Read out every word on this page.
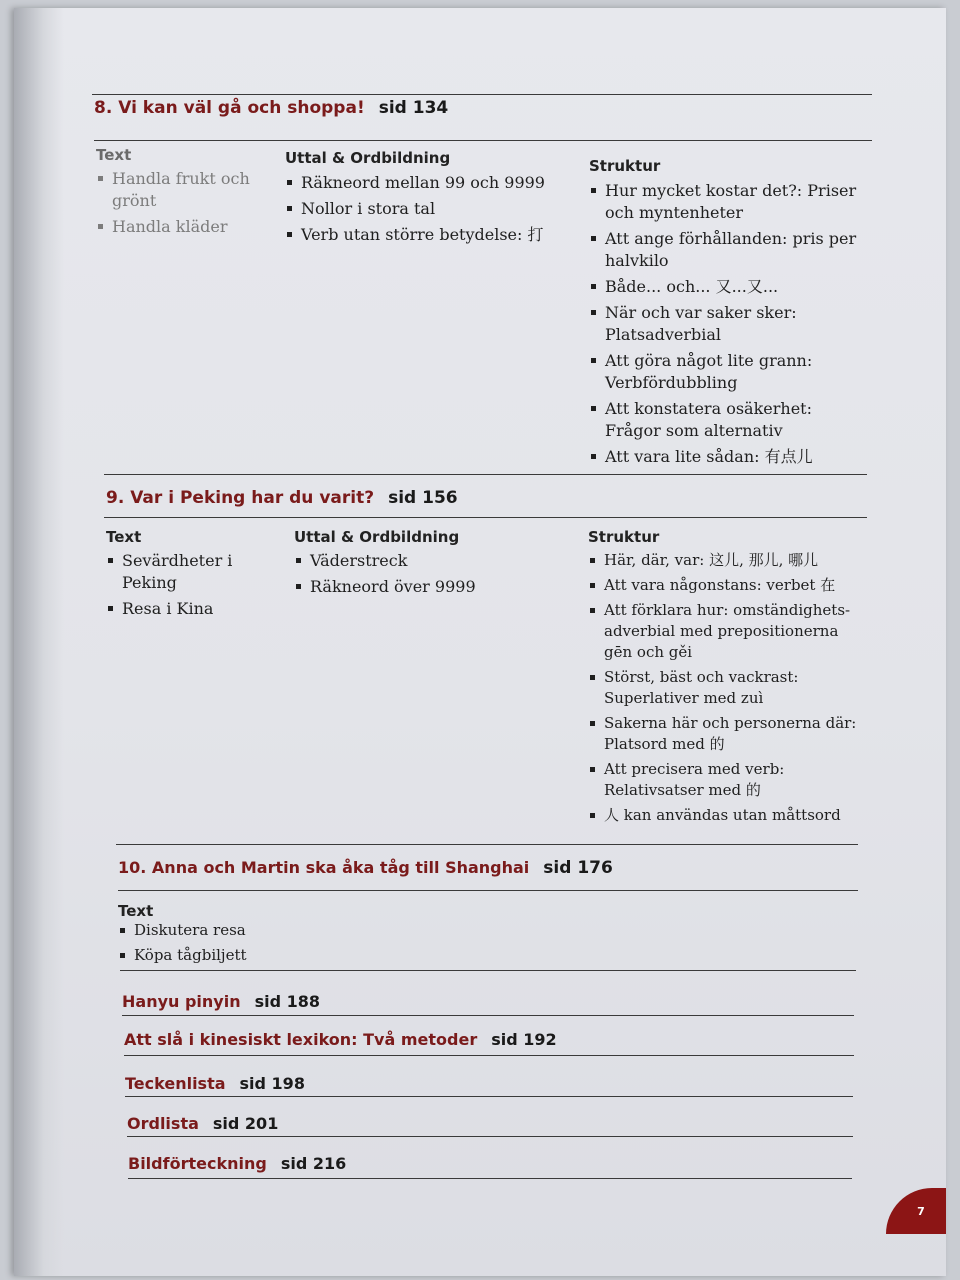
8. Vi kan väl gå och shoppa! sid 134
Text
Handla frukt och grönt
Handla kläder
Uttal & Ordbildning
Räkneord mellan 99 och 9999
Nollor i stora tal
Verb utan större betydelse: 打
Struktur
Hur mycket kostar det?: Priser och myntenheter
Att ange förhållanden: pris per halvkilo
Både... och... 又...又...
När och var saker sker: Platsadverbial
Att göra något lite grann: Verbfördubbling
Att konstatera osäkerhet: Frågor som alternativ
Att vara lite sådan: 有点儿
9. Var i Peking har du varit? sid 156
Text
Sevärdheter i Peking
Resa i Kina
Uttal & Ordbildning
Väderstreck
Räkneord över 9999
Struktur
Här, där, var: 这儿, 那儿, 哪儿
Att vara någonstans: verbet 在
Att förklara hur: omständighets-adverbial med prepositionerna gēn och gěi
Störst, bäst och vackrast: Superlativer med zuì
Sakerna här och personerna där: Platsord med 的
Att precisera med verb: Relativsatser med 的
人 kan användas utan måttsord
10. Anna och Martin ska åka tåg till Shanghai sid 176
Text
Diskutera resa
Köpa tågbiljett
Hanyu pinyin sid 188
Att slå i kinesiskt lexikon: Två metoder sid 192
Teckenlista sid 198
Ordlista sid 201
Bildförteckning sid 216
7
